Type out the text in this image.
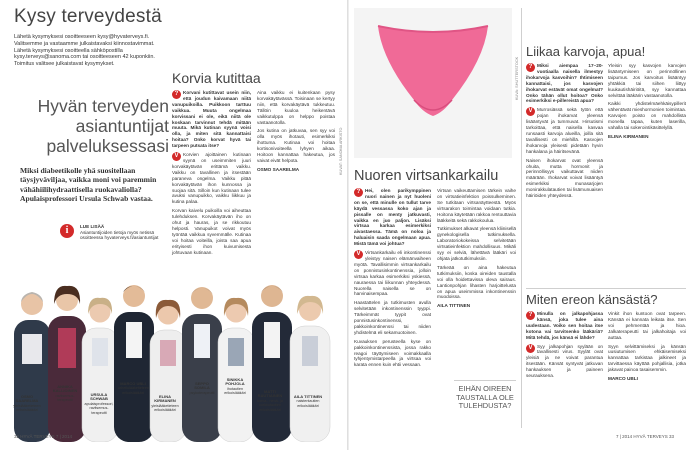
Kysy terveydestä
Lähetä kysymyksesi osoitteeseen kysy@hyvaterveys.fi. Valitsemme ja vastaamme julkaistavaksi kiinnostavimmat. Lähetä kysymyksesi osoitteella sähköpostilla kysy.terveys@sanoma.com tai osoitteeseen 42 kuponkiin. Toimitus valitsee julkaistavat kysymykset.
Hyvän terveyden asiantuntijat palveluksessasi
Miksi diabeetikolle yhä suositellaan täysjyväviljaa, vaikka moni voi paremmin vähähiilihydraattisella ruokavaliolla? Apulaisprofessori Ursula Schwab vastaa.
i	LUE LISÄÄ
Asiantuntijoiden tietoja myös netissä osoitteessa hyvaterveys.fi/asiantuntijat
Korvia kutittaa

? Korvani kutittavat usein niin, että joudun kaivamaan niitä vanupuikoilla. Puikkoon tarttuu vaikkua. Muuta ongelmaa korvissani ei ole, eikä niitä ole koskaan tarvinnut tehdä mitään muuta. Mikä kutinan syynä voisi olla, ja miten sitä kannattaisi hoitaa? Onko korvat hyvä tai tarpeen putsata itse?

V Korvien ajoittainen kutinaan syynä on useimmiten juuri korvakäytävän erittämä vaikku. Vaikku on tavallinen ja itsestään paraneva ongelma. Vaikku pitää korvakäytävän ihon kunnossa ja suojaa sitä. Silloin kun kutinaan tulee avuksi vanupuikko, vaikku liikkuu ja kutina palaa.

Korvan kaivelu puikoilla voi aiheuttaa tulehduksen. Korvakäytävän iho on ohut ja hauras, ja se rikkoutuu helposti. Vanupuikot voivat myös työntää vaikkua syvemmälle. Kutinaa voi hoitaa voiteilla, joista saa apua erityisesti ihon kuivumisesta johtuvaan kutinaan.

Aina vaikku ei kuitenkaan pysy korvakäytävässä. Toisinaan se kertyy niin, että korvakäytävä tukkeutuu. Tällöin kuuloa heikentävä vaikkutulppa on helppo poistaa vastaanotolla.

Jos kutina on jatkuvaa, sen syy voi olla myös ihotauti, esimerkiksi ihottuma. Kutinaa voi hoitaa kortisonivoiteella lyhyen aikaa. Hoitoon kannattaa hakeutua, jos vaivat eivät helpota.

OSMO SAARELMA

OSMO SAARELMA
yleislääketieteen erikoislääkäri
ANNIKA KALLIOINEN
ravitsemus-terapeutti
URSULA SCHWAB
apulaisprofessori, ravitsemus-terapeutti
MARCO UBLI
urheilulääketieteen erikoislääkäri
ELINA KIRMANEN
yleislääketieteen erikoislääkäri
SEPPO SOMILA
psykoterapeutti
SINIKKA POHJOLA
ihotautien erikoislääkäri	MATTI RAUTIAINEN
korva-, nenä- ja kurkkutautien erikoislääkäri
AILA TITTINEN
naistentautien erikoislääkäri
KUVAT: SANOMA ARKISTO
32 HYVÄ TERVEYS 7 | 2014
KUVA: SHUTTERSTOCK
Nuoren virtsankarkailu

? Hei, olen parikymppinen nuori nainen ja nyt huoleni on se, että minulle on tullut tarve käydä vessassa koko ajan ja pissalle on menty jatkuvasti, vaikka en juo paljon. Lisäksi virtsaa karkaa esimerkiksi aivastaessa. Tämä on noloa ja haluaisin saada ongelmaan apua. Mistä tämä voi johtua?

V Virtsankarkailu eli inkontinenssi yleistyy naisen elämänvaiheen myötä. Tavallisimmin virtsankarkailu on ponnistusinkontinenssia, jolloin virtsaa karkaa esimerkiksi yskiessä, nauraessa tai liikunnan yhteydessä. Nuorella naisella se on harvinaisempaa.

Haastattelen ja tutkimusten avulla selvitetään inkontinenssin tyyppi. Tärkeimmät tyypit ovat ponnistusinkontinenssi, pakkoinkontinenssi tai niiden yhdistelmä eli sekamuotoinen.

Kuvauksen perusteella kyse on pakkoinkontinenssista, jossa rakko reagoi täyttymiseen voimakkaalla tyhjentymistarpeella ja virtsaa voi karata ennen kuin ehtii vessaan.

Virtsan vaikeuttamisen tärkein vaihe on virtsatieinfektion poissulkeminen. Se tutkitaan virtsanäytteestä. Myös virtsarakon toimintaa voidaan tutkia. Hoitona käytetään rakkoa rentouttavia lääkkeitä sekä rakkokoulua.

Tutkimukset alkavat yleensä kliinisellä gynekologisella tutkimuksella. Laboratoriokokeissa selvitetään virtsatieinfektion mahdollisuus. Mikäli syy ei selviä, lähettävä lääkäri voi ohjata jatkotutkimuksiin.

Tärkeää on aina hakeutua tutkimuksiin, koska oireiden taustalla voi olla hoidettavissa oleva sairaus. Lantionpohjan lihasten harjoittelusta on apua useimmissa inkontinenssin muodoissa.

AILA TITTINEN

EIHÄN OIREEN TAUSTALLA OLE TULEHDUSTA?
Liikaa karvoja, apua!

? Miksi aiempaa 17–20-vuotiaalla naisella ilmestyy ihokarvoja kasvoihin? Ihtimiseen kannattaisi, jos kasvojen ihokarvat estävät omat ongelmat? Onko tähän ollut hoitoa? Onko esimerkiksi e-pillereistä apua?

V Murrosiässä sekä tytön että pojan ihokarvat yleensä lisääntyvät ja tummuvat. Hirsutismi tarkoittaa, että naisella kasvaa runsaasti karvoja alueilla, joilla sitä tavallisesti on miehillä. Kasvojen ihokarvoja yleisesti pidetään hyvin hankalana ja häiritsevänä.

Naisen ihokarvat ovat yleensä ohuita, mutta hormonit ja perinnöllisyys vaikuttavat niiden määrään. Ihokarvat voivat lisääntyä esimerkiksi munasarjojen monirakkulatautien tai lisämunuaisen häiriöiden yhteydessä.

Yleisin syy kasvojen karvojen lisääntymiseen on perinnöllinen taipumus. Jos karvoitus lisääntyy yhtäkkiä tai siihen liittyy kuukautishäiriöitä, syy kannattaa selvittää lääkärin vastaanotolla.

Kaikki yhdistelmäehkäisypillerit vähentävät mieshormonien toimintaa. Karvojen poisto on mahdollista monella tapaa, kuten laserilla, vahalla tai sokerointikäsittelyllä.

ELINA KIRMANEN

Miten ereon känsästä?

? Minulla on jalkapohjassa känsä, joka tulee aina uudestaan. Voiko sen hoitaa itse kotona vai tarvitsenko lääkäriä? Mitä tehdä, jos känsä ei lähde?

V Syy jalkapohjan syylään on tavallisesti virus. Syylät ovat yleisiä ja ne voivat parantua itsestään. Känsät syntyvät jatkuvan hankauksen ja paineen seurauksena.

Vinkit ihon kuntoon ovat tarpeen. Känsää ei kannata leikata itse. Sen voi pehmentää ja hioa. Jalkaterapeutti tai jalkahoitaja voi auttaa.

Syyn selvittämiseksi ja känsän uusiutumisen ehkäisemiseksi kannattaa tarkistaa jalkineet ja tarvittaessa käyttää pohjallisia, jotka jakavat painoa tasaisemmin.

MARCO UBLI

7 | 2014 HYVÄ TERVEYS 33
